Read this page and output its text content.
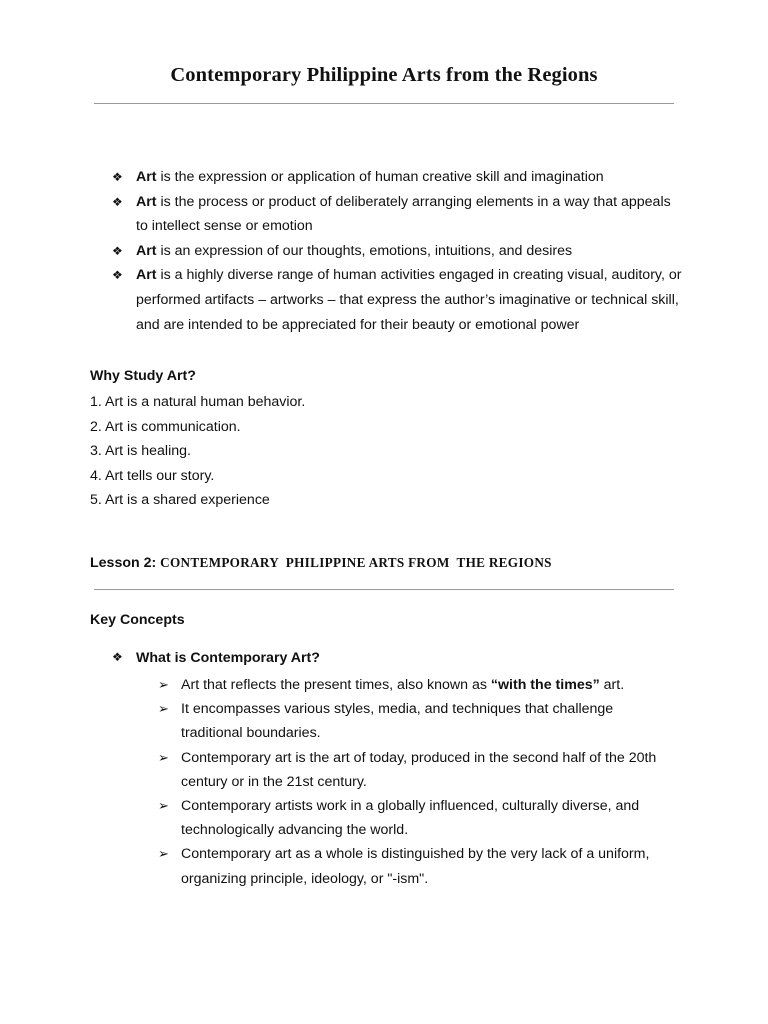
Contemporary Philippine Arts from the Regions
❖ Art is the expression or application of human creative skill and imagination
❖ Art is the process or product of deliberately arranging elements in a way that appeals to intellect sense or emotion
❖ Art is an expression of our thoughts, emotions, intuitions, and desires
❖ Art is a highly diverse range of human activities engaged in creating visual, auditory, or performed artifacts – artworks – that express the author’s imaginative or technical skill, and are intended to be appreciated for their beauty or emotional power
Why Study Art?
1. Art is a natural human behavior.
2. Art is communication.
3. Art is healing.
4. Art tells our story.
5. Art is a shared experience
Lesson 2: CONTEMPORARY  PHILIPPINE ARTS FROM  THE REGIONS
Key Concepts
❖ What is Contemporary Art?
➢ Art that reflects the present times, also known as “with the times” art.
➢ It encompasses various styles, media, and techniques that challenge traditional boundaries.
➢ Contemporary art is the art of today, produced in the second half of the 20th century or in the 21st century.
➢ Contemporary artists work in a globally influenced, culturally diverse, and technologically advancing the world.
➢ Contemporary art as a whole is distinguished by the very lack of a uniform, organizing principle, ideology, or "-ism".
